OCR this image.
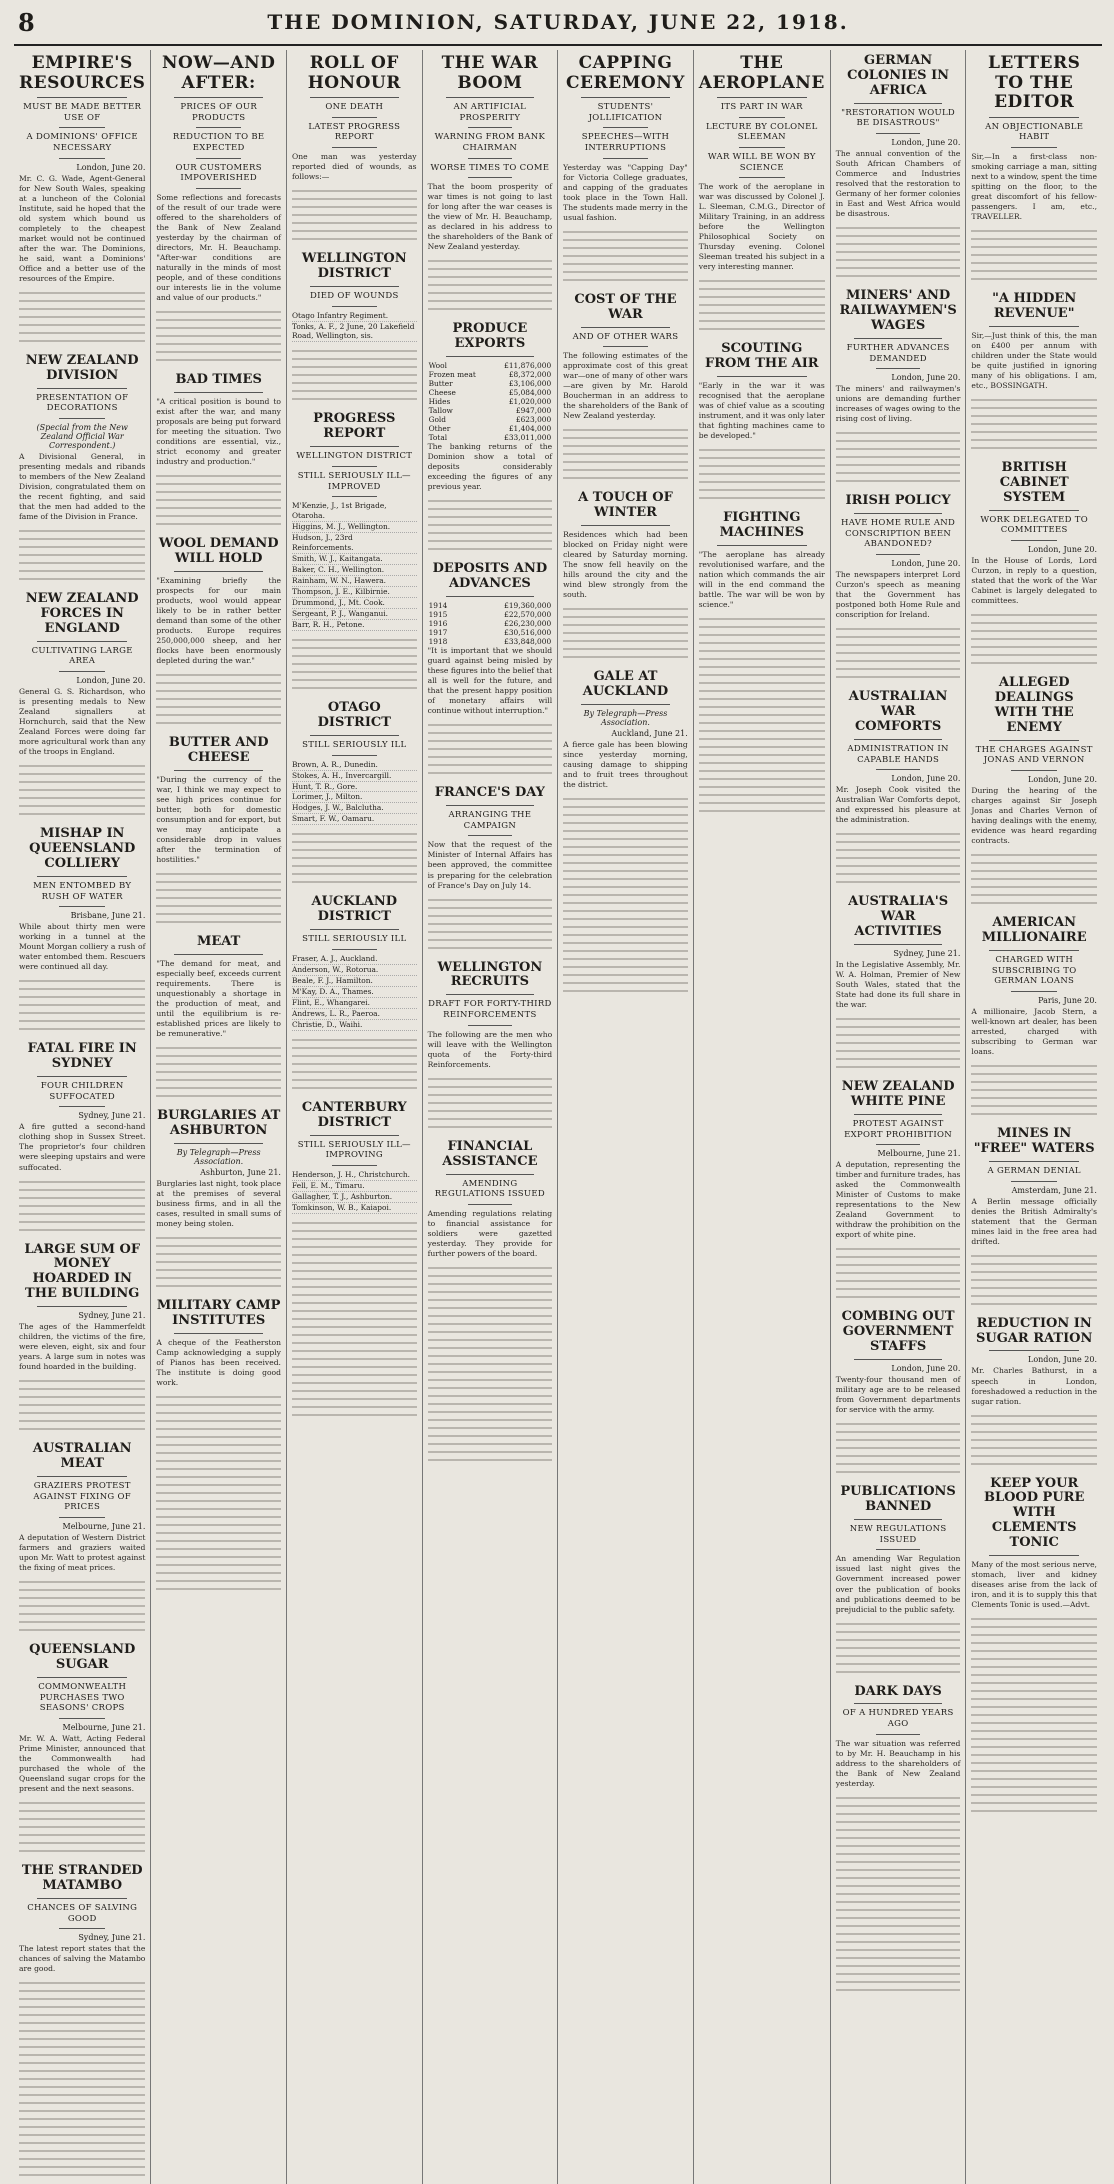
8	THE DOMINION, SATURDAY, JUNE 22, 1918.
EMPIRE'S RESOURCES
MUST BE MADE BETTER USE OF
A DOMINIONS' OFFICE NECESSARY
London, June 20.

Mr. C. G. Wade, Agent-General for New South Wales, speaking at a luncheon of the Colonial Institute, said he hoped that the old system which bound us completely to the cheapest market would not be continued after the war. The Dominions, he said, want a Dominions' Office and a better use of the resources of the Empire.

NEW ZEALAND DIVISION
PRESENTATION OF DECORATIONS
(Special from the New Zealand Official War Correspondent.)

A Divisional General, in presenting medals and ribands to members of the New Zealand Division, congratulated them on the recent fighting, and said that the men had added to the fame of the Division in France.

NEW ZEALAND FORCES IN ENGLAND
CULTIVATING LARGE AREA
London, June 20.

General G. S. Richardson, who is presenting medals to New Zealand signallers at Hornchurch, said that the New Zealand Forces were doing far more agricultural work than any of the troops in England.

MISHAP IN QUEENSLAND COLLIERY
MEN ENTOMBED BY RUSH OF WATER
Brisbane, June 21.

While about thirty men were working in a tunnel at the Mount Morgan colliery a rush of water entombed them. Rescuers were continued all day.

FATAL FIRE IN SYDNEY
FOUR CHILDREN SUFFOCATED
Sydney, June 21.

A fire gutted a second-hand clothing shop in Sussex Street. The proprietor's four children were sleeping upstairs and were suffocated.

LARGE SUM OF MONEY HOARDED IN THE BUILDING
Sydney, June 21.

The ages of the Hammerfeldt children, the victims of the fire, were eleven, eight, six and four years. A large sum in notes was found hoarded in the building.

AUSTRALIAN MEAT
GRAZIERS PROTEST AGAINST FIXING OF PRICES
Melbourne, June 21.

A deputation of Western District farmers and graziers waited upon Mr. Watt to protest against the fixing of meat prices.

QUEENSLAND SUGAR
COMMONWEALTH PURCHASES TWO SEASONS' CROPS
Melbourne, June 21.

Mr. W. A. Watt, Acting Federal Prime Minister, announced that the Commonwealth had purchased the whole of the Queensland sugar crops for the present and the next seasons.

THE STRANDED MATAMBO
CHANCES OF SALVING GOOD
Sydney, June 21.

The latest report states that the chances of salving the Matambo are good.

NOW—AND AFTER:
PRICES OF OUR PRODUCTS
REDUCTION TO BE EXPECTED
OUR CUSTOMERS IMPOVERISHED

Some reflections and forecasts of the result of our trade were offered to the shareholders of the Bank of New Zealand yesterday by the chairman of directors, Mr. H. Beauchamp. "After-war conditions are naturally in the minds of most people, and of these conditions our interests lie in the volume and value of our products."

BAD TIMES

"A critical position is bound to exist after the war, and many proposals are being put forward for meeting the situation. Two conditions are essential, viz., strict economy and greater industry and production."

WOOL DEMAND WILL HOLD

"Examining briefly the prospects for our main products, wool would appear likely to be in rather better demand than some of the other products. Europe requires 250,000,000 sheep, and her flocks have been enormously depleted during the war."

BUTTER AND CHEESE

"During the currency of the war, I think we may expect to see high prices continue for butter, both for domestic consumption and for export, but we may anticipate a considerable drop in values after the termination of hostilities."

MEAT

"The demand for meat, and especially beef, exceeds current requirements. There is unquestionably a shortage in the production of meat, and until the equilibrium is re-established prices are likely to be remunerative."

BURGLARIES AT ASHBURTON
By Telegraph—Press Association.
Ashburton, June 21.

Burglaries last night, took place at the premises of several business firms, and in all the cases, resulted in small sums of money being stolen.

MILITARY CAMP INSTITUTES

A cheque of the Featherston Camp acknowledging a supply of Pianos has been received. The institute is doing good work.

ROLL OF HONOUR
ONE DEATH
LATEST PROGRESS REPORT

One man was yesterday reported died of wounds, as follows:—

WELLINGTON DISTRICT
DIED OF WOUNDS
Otago Infantry Regiment.
Tonks, A. F., 2 June, 20 Lakefield Road, Wellington, sis.
PROGRESS REPORT
WELLINGTON DISTRICT
STILL SERIOUSLY ILL—IMPROVED
M'Kenzie, J., 1st Brigade, Otaroha.
Higgins, M. J., Wellington.
Hudson, J., 23rd Reinforcements.
Smith, W. J., Kaitangata.
Baker, C. H., Wellington.
Rainham, W. N., Hawera.
Thompson, J. E., Kilbirnie.
Drummond, J., Mt. Cook.
Sergeant, P. J., Wanganui.
Barr, R. H., Petone.
OTAGO DISTRICT
STILL SERIOUSLY ILL
Brown, A. R., Dunedin.
Stokes, A. H., Invercargill.
Hunt, T. R., Gore.
Lorimer, J., Milton.
Hodges, J. W., Balclutha.
Smart, F. W., Oamaru.
AUCKLAND DISTRICT
STILL SERIOUSLY ILL
Fraser, A. J., Auckland.
Anderson, W., Rotorua.
Beale, F. J., Hamilton.
M'Kay, D. A., Thames.
Flint, E., Whangarei.
Andrews, L. R., Paeroa.
Christie, D., Waihi.
CANTERBURY DISTRICT
STILL SERIOUSLY ILL—IMPROVING
Henderson, J. H., Christchurch.
Fell, E. M., Timaru.
Gallagher, T. J., Ashburton.
Tomkinson, W. B., Kaiapoi.
THE WAR BOOM
AN ARTIFICIAL PROSPERITY
WARNING FROM BANK CHAIRMAN
WORSE TIMES TO COME

That the boom prosperity of war times is not going to last for long after the war ceases is the view of Mr. H. Beauchamp, as declared in his address to the shareholders of the Bank of New Zealand yesterday.

PRODUCE EXPORTS
Wool	£11,876,000
Frozen meat	£8,372,000
Butter	£3,106,000
Cheese	£5,084,000
Hides	£1,020,000
Tallow	£947,000
Gold	£623,000
Other	£1,404,000
Total	£33,011,000

The banking returns of the Dominion show a total of deposits considerably exceeding the figures of any previous year.

DEPOSITS AND ADVANCES
1914	£19,360,000
1915	£22,570,000
1916	£26,230,000
1917	£30,516,000
1918	£33,848,000

"It is important that we should guard against being misled by these figures into the belief that all is well for the future, and that the present happy position of monetary affairs will continue without interruption."

FRANCE'S DAY
ARRANGING THE CAMPAIGN

Now that the request of the Minister of Internal Affairs has been approved, the committee is preparing for the celebration of France's Day on July 14.

WELLINGTON RECRUITS
DRAFT FOR FORTY-THIRD REINFORCEMENTS

The following are the men who will leave with the Wellington quota of the Forty-third Reinforcements.

FINANCIAL ASSISTANCE
AMENDING REGULATIONS ISSUED

Amending regulations relating to financial assistance for soldiers were gazetted yesterday. They provide for further powers of the board.

CAPPING CEREMONY
STUDENTS' JOLLIFICATION
SPEECHES—WITH INTERRUPTIONS

Yesterday was "Capping Day" for Victoria College graduates, and capping of the graduates took place in the Town Hall. The students made merry in the usual fashion.

COST OF THE WAR
AND OF OTHER WARS

The following estimates of the approximate cost of this great war—one of many of other wars—are given by Mr. Harold Boucherman in an address to the shareholders of the Bank of New Zealand yesterday.

A TOUCH OF WINTER

Residences which had been blocked on Friday night were cleared by Saturday morning. The snow fell heavily on the hills around the city and the wind blew strongly from the south.

GALE AT AUCKLAND
By Telegraph—Press Association.
Auckland, June 21.

A fierce gale has been blowing since yesterday morning, causing damage to shipping and to fruit trees throughout the district.

THE AEROPLANE
ITS PART IN WAR
LECTURE BY COLONEL SLEEMAN
WAR WILL BE WON BY SCIENCE

The work of the aeroplane in war was discussed by Colonel J. L. Sleeman, C.M.G., Director of Military Training, in an address before the Wellington Philosophical Society on Thursday evening. Colonel Sleeman treated his subject in a very interesting manner.

SCOUTING FROM THE AIR

"Early in the war it was recognised that the aeroplane was of chief value as a scouting instrument, and it was only later that fighting machines came to be developed."

FIGHTING MACHINES

"The aeroplane has already revolutionised warfare, and the nation which commands the air will in the end command the battle. The war will be won by science."

GERMAN COLONIES IN AFRICA
"RESTORATION WOULD BE DISASTROUS"
London, June 20.

The annual convention of the South African Chambers of Commerce and Industries resolved that the restoration to Germany of her former colonies in East and West Africa would be disastrous.

MINERS' AND RAILWAYMEN'S WAGES
FURTHER ADVANCES DEMANDED
London, June 20.

The miners' and railwaymen's unions are demanding further increases of wages owing to the rising cost of living.

IRISH POLICY
HAVE HOME RULE AND CONSCRIPTION BEEN ABANDONED?
London, June 20.

The newspapers interpret Lord Curzon's speech as meaning that the Government has postponed both Home Rule and conscription for Ireland.

AUSTRALIAN WAR COMFORTS
ADMINISTRATION IN CAPABLE HANDS
London, June 20.

Mr. Joseph Cook visited the Australian War Comforts depot, and expressed his pleasure at the administration.

AUSTRALIA'S WAR ACTIVITIES
Sydney, June 21.

In the Legislative Assembly, Mr. W. A. Holman, Premier of New South Wales, stated that the State had done its full share in the war.

NEW ZEALAND WHITE PINE
PROTEST AGAINST EXPORT PROHIBITION
Melbourne, June 21.

A deputation, representing the timber and furniture trades, has asked the Commonwealth Minister of Customs to make representations to the New Zealand Government to withdraw the prohibition on the export of white pine.

COMBING OUT GOVERNMENT STAFFS
London, June 20.

Twenty-four thousand men of military age are to be released from Government departments for service with the army.

PUBLICATIONS BANNED
NEW REGULATIONS ISSUED

An amending War Regulation issued last night gives the Government increased power over the publication of books and publications deemed to be prejudicial to the public safety.

DARK DAYS
OF A HUNDRED YEARS AGO

The war situation was referred to by Mr. H. Beauchamp in his address to the shareholders of the Bank of New Zealand yesterday.

LETTERS TO THE EDITOR
AN OBJECTIONABLE HABIT

Sir,—In a first-class non-smoking carriage a man, sitting next to a window, spent the time spitting on the floor, to the great discomfort of his fellow-passengers. I am, etc., TRAVELLER.

"A HIDDEN REVENUE"

Sir,—Just think of this, the man on £400 per annum with children under the State would be quite justified in ignoring many of his obligations. I am, etc., BOSSINGATH.

BRITISH CABINET SYSTEM
WORK DELEGATED TO COMMITTEES
London, June 20.

In the House of Lords, Lord Curzon, in reply to a question, stated that the work of the War Cabinet is largely delegated to committees.

ALLEGED DEALINGS WITH THE ENEMY
THE CHARGES AGAINST JONAS AND VERNON
London, June 20.

During the hearing of the charges against Sir Joseph Jonas and Charles Vernon of having dealings with the enemy, evidence was heard regarding contracts.

AMERICAN MILLIONAIRE
CHARGED WITH SUBSCRIBING TO GERMAN LOANS
Paris, June 20.

A millionaire, Jacob Stern, a well-known art dealer, has been arrested, charged with subscribing to German war loans.

MINES IN "FREE" WATERS
A GERMAN DENIAL
Amsterdam, June 21.

A Berlin message officially denies the British Admiralty's statement that the German mines laid in the free area had drifted.

REDUCTION IN SUGAR RATION
London, June 20.

Mr. Charles Bathurst, in a speech in London, foreshadowed a reduction in the sugar ration.

KEEP YOUR BLOOD PURE WITH CLEMENTS TONIC

Many of the most serious nerve, stomach, liver and kidney diseases arise from the lack of iron, and it is to supply this that Clements Tonic is used.—Advt.
